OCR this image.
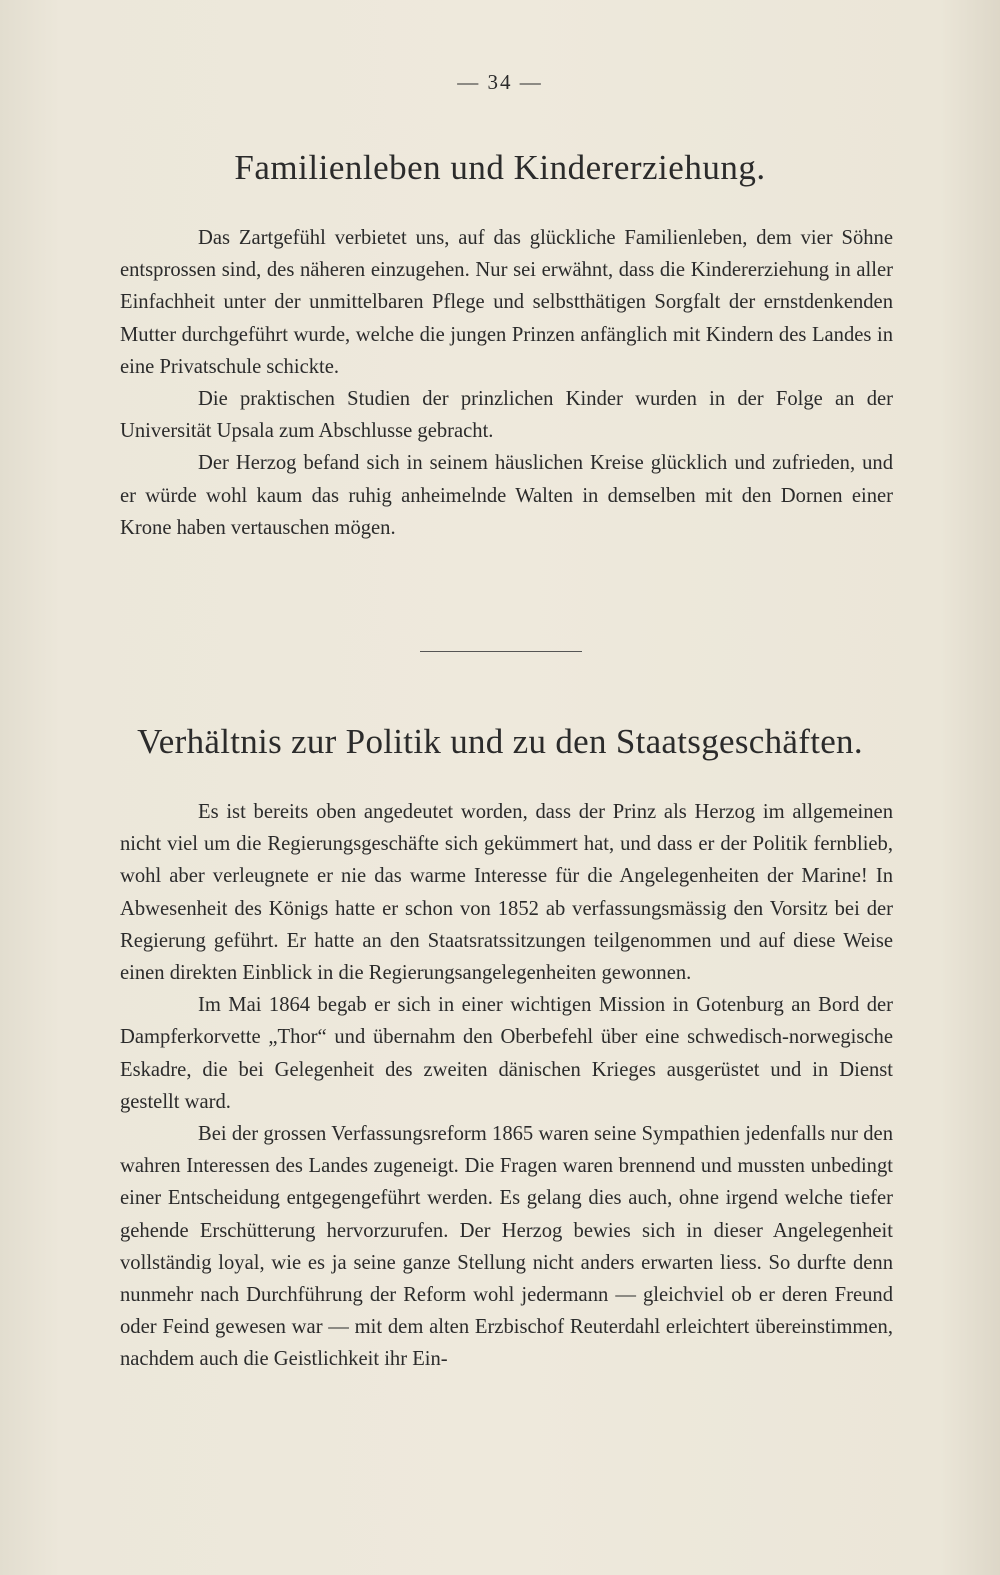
— 34 —
Familienleben und Kindererziehung.

Das Zartgefühl verbietet uns, auf das glückliche Familienleben, dem vier Söhne entsprossen sind, des näheren einzugehen. Nur sei erwähnt, dass die Kindererziehung in aller Einfachheit unter der unmittelbaren Pflege und selbstthätigen Sorgfalt der ernstdenkenden Mutter durchgeführt wurde, welche die jungen Prinzen anfänglich mit Kindern des Landes in eine Privatschule schickte.

Die praktischen Studien der prinzlichen Kinder wurden in der Folge an der Universität Upsala zum Abschlusse gebracht.

Der Herzog befand sich in seinem häuslichen Kreise glücklich und zufrieden, und er würde wohl kaum das ruhig anheimelnde Walten in demselben mit den Dornen einer Krone haben vertauschen mögen.

Verhältnis zur Politik und zu den Staatsgeschäften.

Es ist bereits oben angedeutet worden, dass der Prinz als Herzog im allgemeinen nicht viel um die Regierungsgeschäfte sich gekümmert hat, und dass er der Politik fernblieb, wohl aber verleugnete er nie das warme Interesse für die Angelegenheiten der Marine! In Abwesenheit des Königs hatte er schon von 1852 ab verfassungsmässig den Vorsitz bei der Regierung geführt. Er hatte an den Staatsratssitzungen teilgenommen und auf diese Weise einen direkten Einblick in die Regierungsangelegenheiten gewonnen.

Im Mai 1864 begab er sich in einer wichtigen Mission in Gotenburg an Bord der Dampferkorvette „Thor“ und übernahm den Oberbefehl über eine schwedisch-norwegische Eskadre, die bei Gelegenheit des zweiten dänischen Krieges ausgerüstet und in Dienst gestellt ward.

Bei der grossen Verfassungsreform 1865 waren seine Sympathien jedenfalls nur den wahren Interessen des Landes zugeneigt. Die Fragen waren brennend und mussten unbedingt einer Entscheidung entgegengeführt werden. Es gelang dies auch, ohne irgend welche tiefer gehende Erschütterung hervorzurufen. Der Herzog bewies sich in dieser Angelegenheit vollständig loyal, wie es ja seine ganze Stellung nicht anders erwarten liess. So durfte denn nunmehr nach Durchführung der Reform wohl jedermann — gleichviel ob er deren Freund oder Feind gewesen war — mit dem alten Erzbischof Reuterdahl erleichtert übereinstimmen, nachdem auch die Geistlichkeit ihr Ein-
